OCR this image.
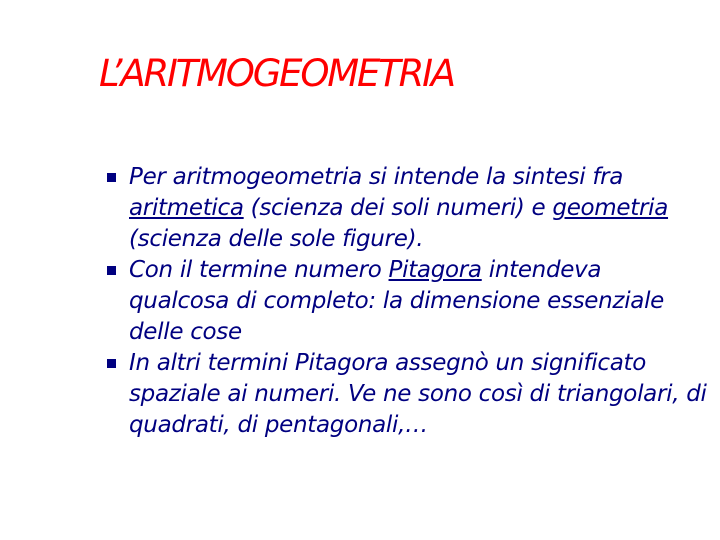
L’ARITMOGEOMETRIA
Per aritmogeometria si intende la sintesi fra aritmetica (scienza dei soli numeri) e geometria (scienza delle sole figure).
Con il termine numero Pitagora intendeva qualcosa di completo: la dimensione essenziale delle cose
In altri termini Pitagora assegnò un significato spaziale ai numeri. Ve ne sono così di triangolari, di quadrati, di pentagonali,…
